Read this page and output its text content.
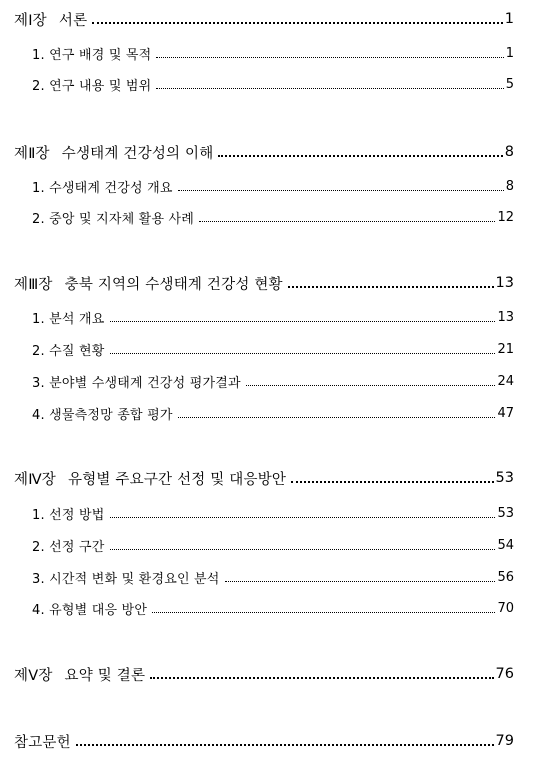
제Ⅰ장 서론	1
1. 연구 배경 및 목적	1
2. 연구 내용 및 범위	5
제Ⅱ장 수생태계 건강성의 이해	8
1. 수생태계 건강성 개요	8
2. 중앙 및 지자체 활용 사례	12
제Ⅲ장 충북 지역의 수생태계 건강성 현황	13
1. 분석 개요	13
2. 수질 현황	21
3. 분야별 수생태계 건강성 평가결과	24
4. 생물측정망 종합 평가	47
제Ⅳ장 유형별 주요구간 선정 및 대응방안	53
1. 선정 방법	53
2. 선정 구간	54
3. 시간적 변화 및 환경요인 분석	56
4. 유형별 대응 방안	70
제Ⅴ장 요약 및 결론	76
참고문헌	79
